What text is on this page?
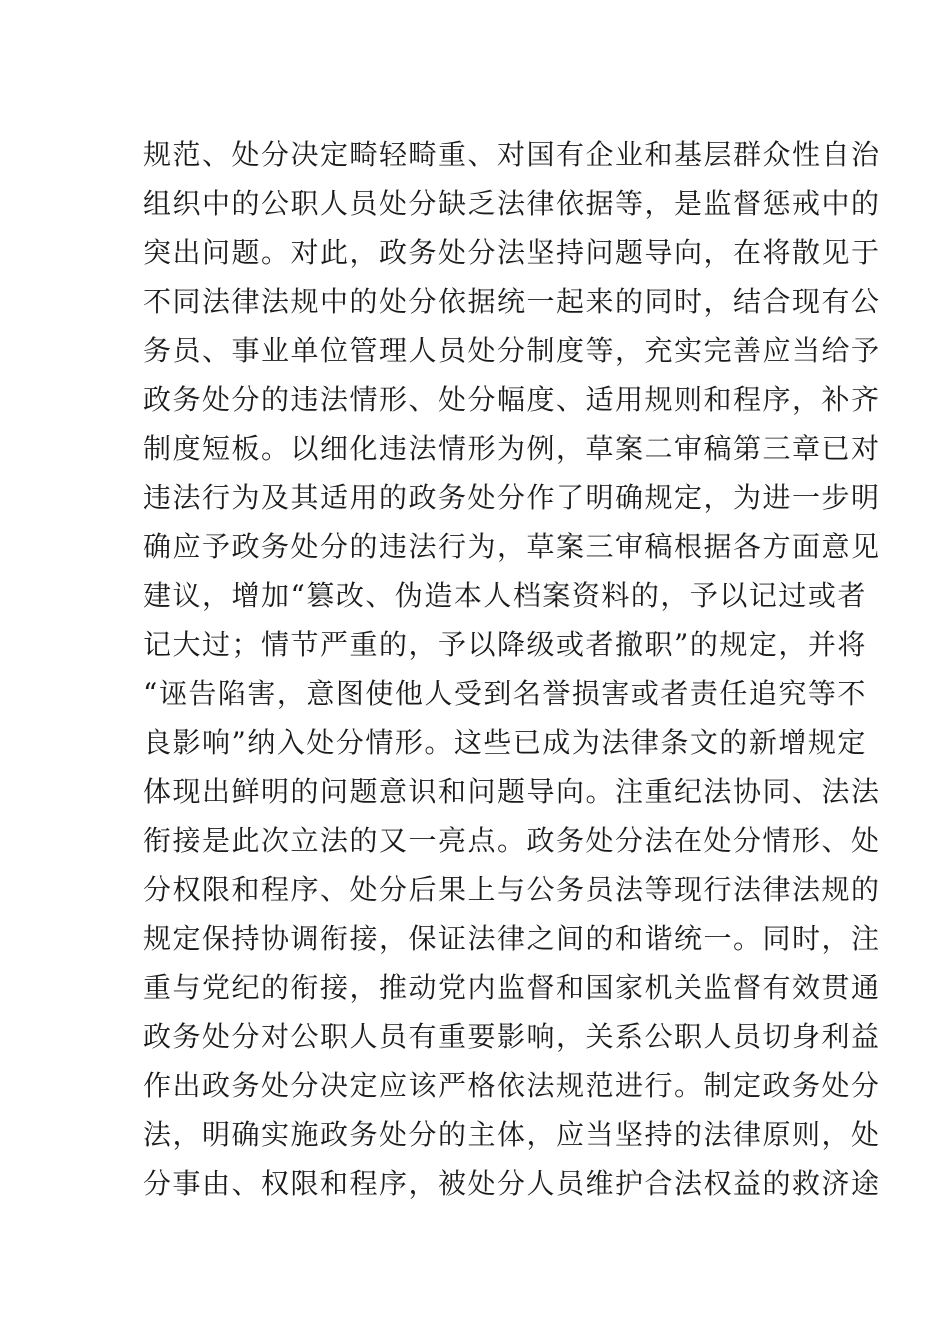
规范、处分决定畸轻畸重、对国有企业和基层群众性自治
组织中的公职人员处分缺乏法律依据等，是监督惩戒中的
突出问题。对此，政务处分法坚持问题导向，在将散见于
不同法律法规中的处分依据统一起来的同时，结合现有公
务员、事业单位管理人员处分制度等，充实完善应当给予
政务处分的违法情形、处分幅度、适用规则和程序，补齐
制度短板。以细化违法情形为例，草案二审稿第三章已对
违法行为及其适用的政务处分作了明确规定，为进一步明
确应予政务处分的违法行为，草案三审稿根据各方面意见
建议，增加“篡改、伪造本人档案资料的，予以记过或者
记大过；情节严重的，予以降级或者撤职”的规定，并将
“诬告陷害，意图使他人受到名誉损害或者责任追究等不
良影响”纳入处分情形。这些已成为法律条文的新增规定
体现出鲜明的问题意识和问题导向。注重纪法协同、法法
衔接是此次立法的又一亮点。政务处分法在处分情形、处
分权限和程序、处分后果上与公务员法等现行法律法规的
规定保持协调衔接，保证法律之间的和谐统一。同时，注
重与党纪的衔接，推动党内监督和国家机关监督有效贯通
政务处分对公职人员有重要影响，关系公职人员切身利益
作出政务处分决定应该严格依法规范进行。制定政务处分
法，明确实施政务处分的主体，应当坚持的法律原则，处
分事由、权限和程序，被处分人员维护合法权益的救济途
